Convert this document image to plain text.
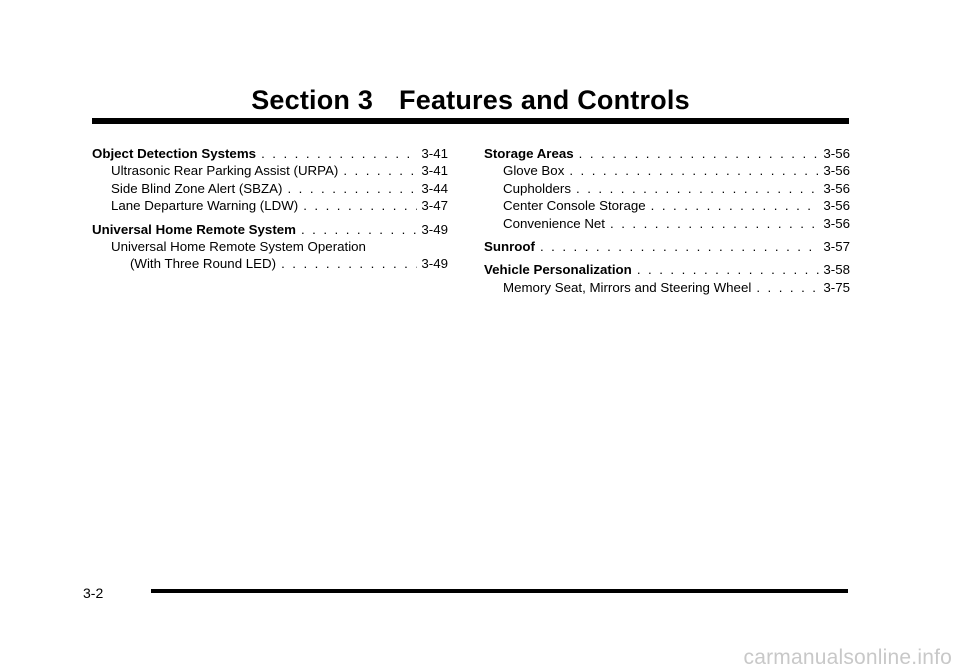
Section 3 Features and Controls
Object Detection Systems . . .	3-41
Ultrasonic Rear Parking Assist (URPA) . . .	3-41
Side Blind Zone Alert (SBZA) . . .	3-44
Lane Departure Warning (LDW) . . .	3-47
Universal Home Remote System . . .	3-49
Universal Home Remote System Operation
(With Three Round LED) . . .	3-49
Storage Areas . . .	3-56
Glove Box . . .	3-56
Cupholders . . .	3-56
Center Console Storage . . .	3-56
Convenience Net . . .	3-56
Sunroof . . .	3-57
Vehicle Personalization . . .	3-58
Memory Seat, Mirrors and Steering Wheel . . .	3-75
3-2
carmanualsonline.info
